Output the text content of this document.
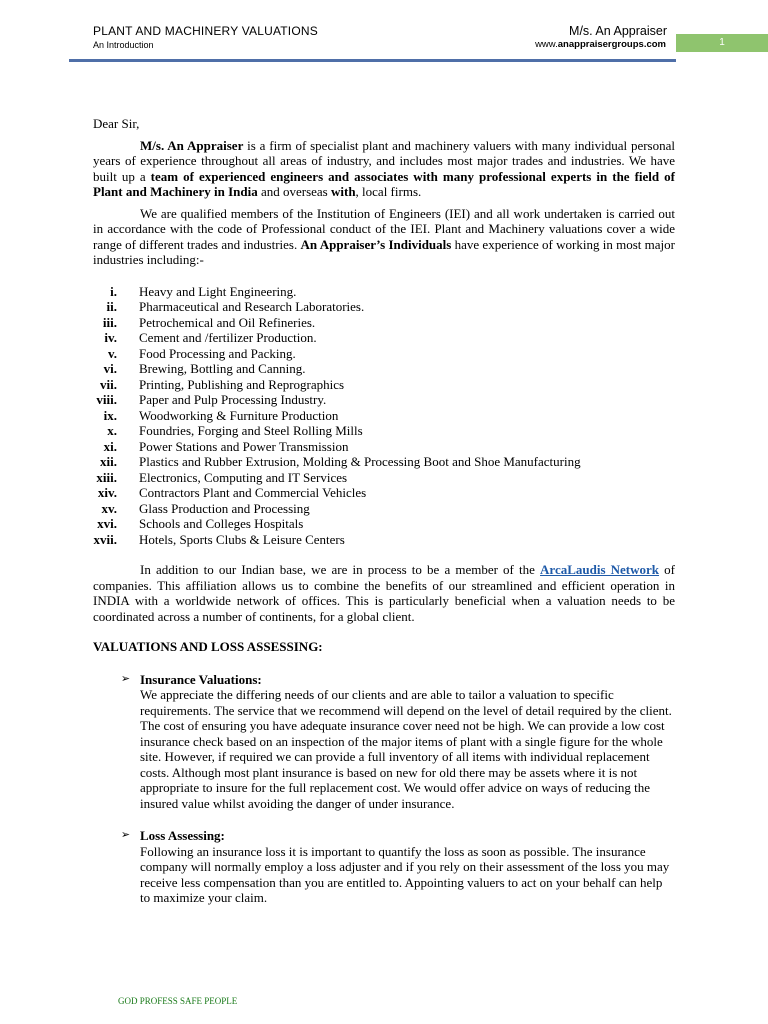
PLANT AND MACHINERY VALUATIONS
An Introduction
M/s. An Appraiser
www.anappraisergroups.com	1

Dear Sir,

M/s. An Appraiser is a firm of specialist plant and machinery valuers with many individual personal years of experience throughout all areas of industry, and includes most major trades and industries. We have built up a team of experienced engineers and associates with many professional experts in the field of Plant and Machinery in India and overseas with, local firms.

We are qualified members of the Institution of Engineers (IEI) and all work undertaken is carried out in accordance with the code of Professional conduct of the IEI. Plant and Machinery valuations cover a wide range of different trades and industries. An Appraiser’s Individuals have experience of working in most major industries including:-

i.	Heavy and Light Engineering.
ii.	Pharmaceutical and Research Laboratories.
iii.	Petrochemical and Oil Refineries.
iv.	Cement and /fertilizer Production.
v.	Food Processing and Packing.
vi.	Brewing, Bottling and Canning.
vii.	Printing, Publishing and Reprographics
viii.	Paper and Pulp Processing Industry.
ix.	Woodworking & Furniture Production
x.	Foundries, Forging and Steel Rolling Mills
xi.	Power Stations and Power Transmission
xii.	Plastics and Rubber Extrusion, Molding & Processing Boot and Shoe Manufacturing
xiii.	Electronics, Computing and IT Services
xiv.	Contractors Plant and Commercial Vehicles
xv.	Glass Production and Processing
xvi.	Schools and Colleges Hospitals
xvii.	Hotels, Sports Clubs & Leisure Centers

In addition to our Indian base, we are in process to be a member of the ArcaLaudis Network of companies. This affiliation allows us to combine the benefits of our streamlined and efficient operation in INDIA with a worldwide network of offices. This is particularly beneficial when a valuation needs to be coordinated across a number of continents, for a global client.

VALUATIONS AND LOSS ASSESSING:

➢ Insurance Valuations:

We appreciate the differing needs of our clients and are able to tailor a valuation to specific requirements. The service that we recommend will depend on the level of detail required by the client. The cost of ensuring you have adequate insurance cover need not be high. We can provide a low cost insurance check based on an inspection of the major items of plant with a single figure for the whole site. However, if required we can provide a full inventory of all items with individual replacement costs. Although most plant insurance is based on new for old there may be assets where it is not appropriate to insure for the full replacement cost. We would offer advice on ways of reducing the insured value whilst avoiding the danger of under insurance.

➢ Loss Assessing:

Following an insurance loss it is important to quantify the loss as soon as possible. The insurance company will normally employ a loss adjuster and if you rely on their assessment of the loss you may receive less compensation than you are entitled to. Appointing valuers to act on your behalf can help to maximize your claim.

GOD PROFESS SAFE PEOPLE
